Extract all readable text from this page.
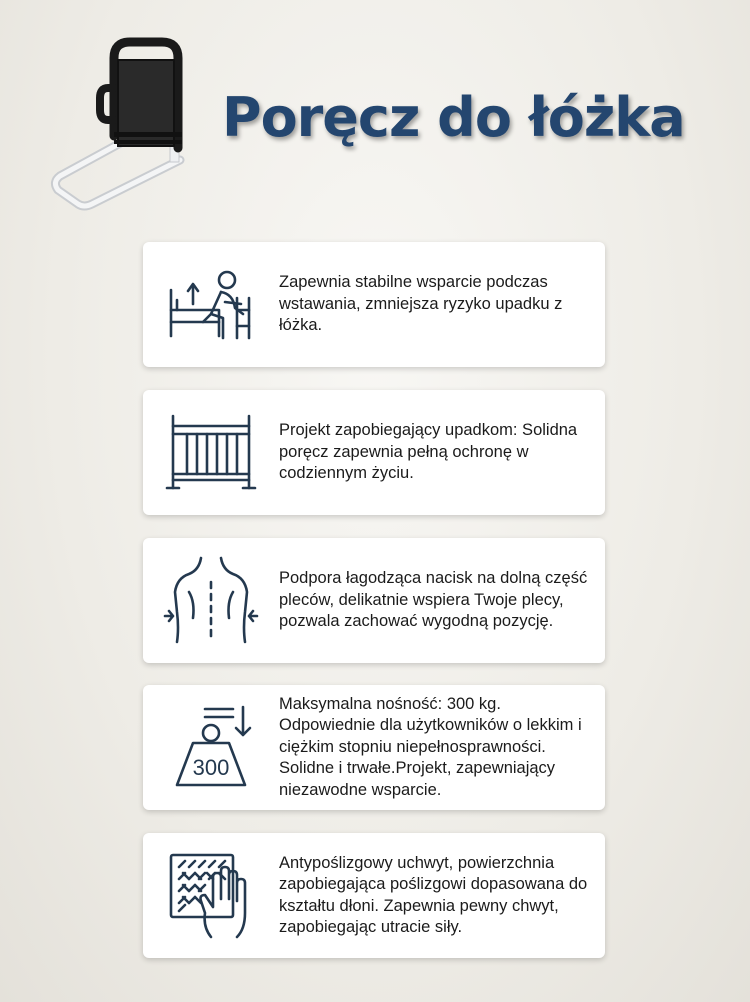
Poręcz do łóżka
Zapewnia stabilne wsparcie podczas wstawania, zmniejsza ryzyko upadku z łóżka.
Projekt zapobiegający upadkom: Solidna poręcz zapewnia pełną ochronę w codziennym życiu.
Podpora łagodząca nacisk na dolną część pleców, delikatnie wspiera Twoje plecy, pozwala zachować wygodną pozycję.
300
Maksymalna nośność: 300 kg. Odpowiednie dla użytkowników o lekkim i ciężkim stopniu niepełnosprawności. Solidne i trwałe.Projekt, zapewniający niezawodne wsparcie.
Antypoślizgowy uchwyt, powierzchnia zapobiegająca poślizgowi dopasowana do kształtu dłoni. Zapewnia pewny chwyt, zapobiegając utracie siły.
